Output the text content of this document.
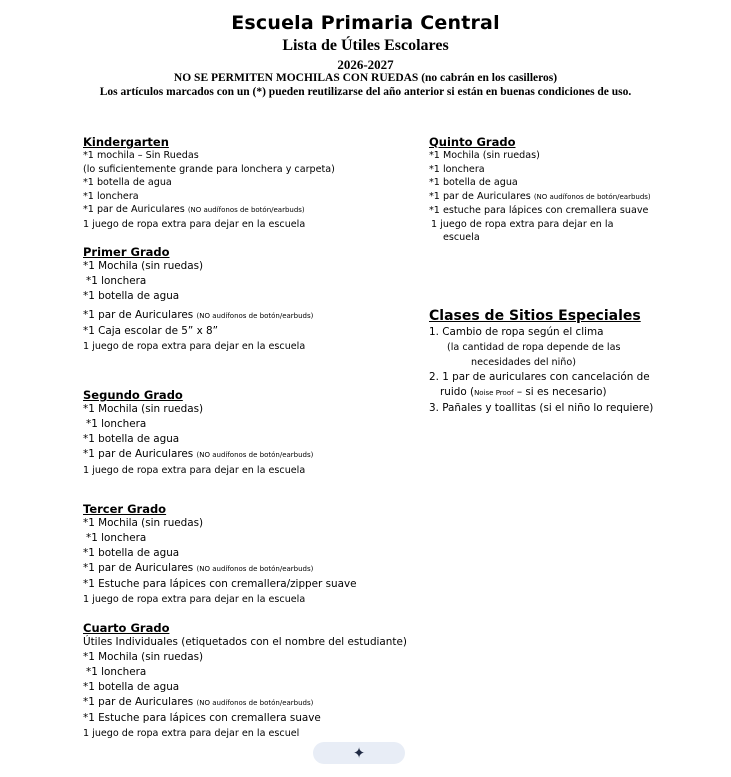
Escuela Primaria Central
Lista de Útiles Escolares
2026-2027
NO SE PERMITEN MOCHILAS CON RUEDAS (no cabrán en los casilleros)
Los artículos marcados con un (*) pueden reutilizarse del año anterior si están en buenas condiciones de uso.
Kindergarten
*1 mochila – Sin Ruedas
(lo suficientemente grande para lonchera y carpeta)
*1 botella de agua
*1 lonchera
*1 par de Auriculares (NO audífonos de botón/earbuds)
1 juego de ropa extra para dejar en la escuela
Primer Grado
*1 Mochila (sin ruedas)
*1 lonchera
*1 botella de agua
*1 par de Auriculares (NO audífonos de botón/earbuds)
*1 Caja escolar de 5” x 8”
1 juego de ropa extra para dejar en la escuela
Segundo Grado
*1 Mochila (sin ruedas)
*1 lonchera
*1 botella de agua
*1 par de Auriculares (NO audífonos de botón/earbuds)
1 juego de ropa extra para dejar en la escuela
Tercer Grado
*1 Mochila (sin ruedas)
*1 lonchera
*1 botella de agua
*1 par de Auriculares (NO audífonos de botón/earbuds)
*1 Estuche para lápices con cremallera/zipper suave
1 juego de ropa extra para dejar en la escuela
Cuarto Grado
Útiles Individuales (etiquetados con el nombre del estudiante)
*1 Mochila (sin ruedas)
*1 lonchera
*1 botella de agua
*1 par de Auriculares (NO audífonos de botón/earbuds)
*1 Estuche para lápices con cremallera suave
1 juego de ropa extra para dejar en la escuel
Quinto Grado
*1 Mochila (sin ruedas)
*1 lonchera
*1 botella de agua
*1 par de Auriculares (NO audífonos de botón/earbuds)
*1 estuche para lápices con cremallera suave
1 juego de ropa extra para dejar en la
escuela
Clases de Sitios Especiales
1. Cambio de ropa según el clima
(la cantidad de ropa depende de las
necesidades del niño)
2. 1 par de auriculares con cancelación de
ruido (Noise Proof – si es necesario)
3. Pañales y toallitas (si el niño lo requiere)
✦
